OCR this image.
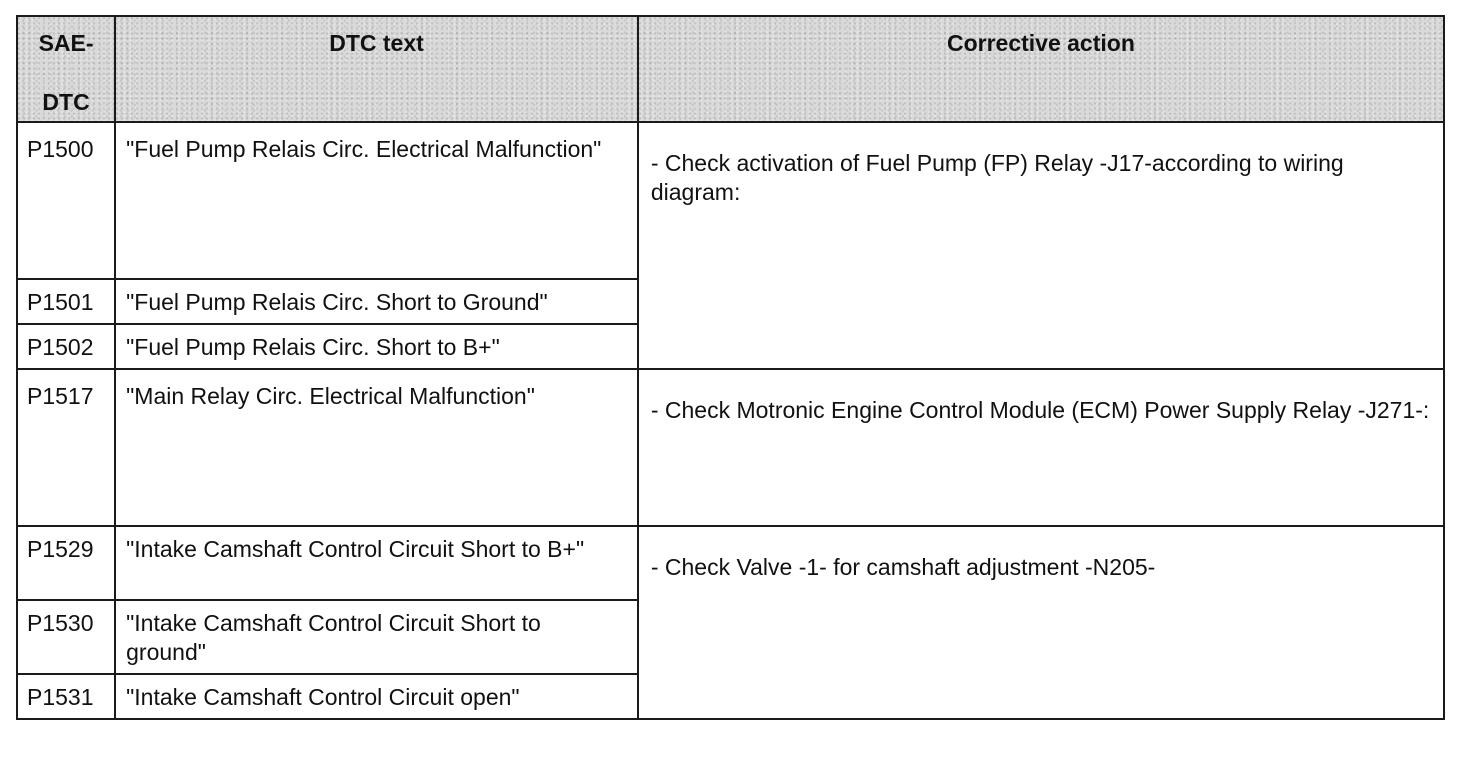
SAE-
DTC	DTC text	Corrective action

P1500	"Fuel Pump Relais Circ. Electrical Malfunction"	- Check activation of Fuel Pump (FP) Relay -J17-according to wiring diagram:
P1501	"Fuel Pump Relais Circ. Short to Ground"	
P1502	"Fuel Pump Relais Circ. Short to B+"	
P1517	"Main Relay Circ. Electrical Malfunction"	- Check Motronic Engine Control Module (ECM) Power Supply Relay -J271-:
P1529	"Intake Camshaft Control Circuit Short to B+"	- Check Valve -1- for camshaft adjustment -N205-
P1530	"Intake Camshaft Control Circuit Short to ground"	
P1531	"Intake Camshaft Control Circuit open"	
